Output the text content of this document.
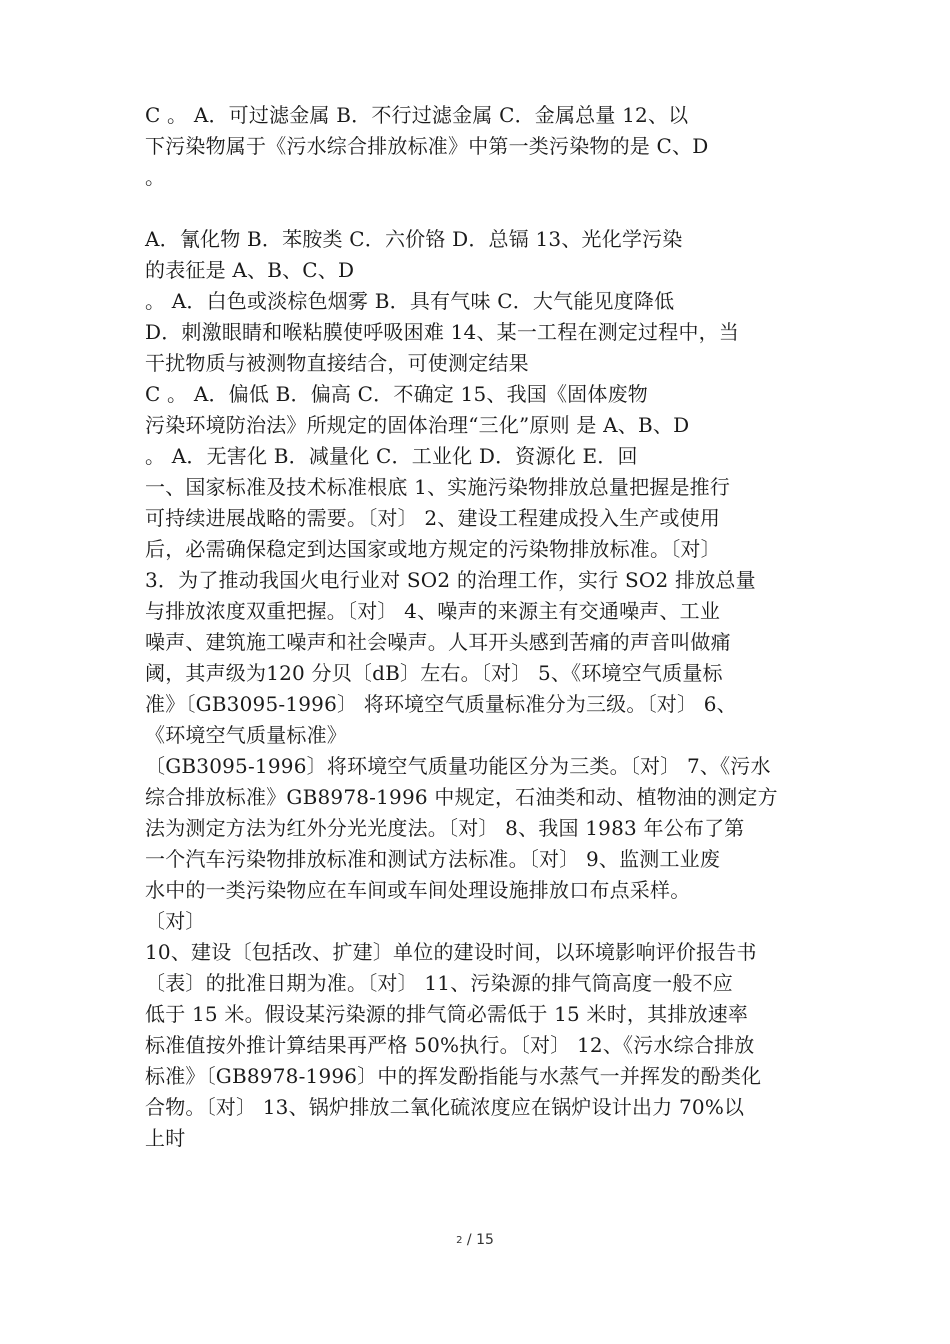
C 。 A．可过滤金属 B．不行过滤金属 C．金属总量 12、以
下污染物属于《污水综合排放标准》中第一类污染物的是 C、D
。
A．氰化物 B．苯胺类 C．六价铬 D．总镉 13、光化学污染
的表征是 A、B、C、D
。 A．白色或淡棕色烟雾 B．具有气味 C．大气能见度降低
D．刺激眼睛和喉粘膜使呼吸困难 14、某一工程在测定过程中，当
干扰物质与被测物直接结合，可使测定结果
C 。 A．偏低 B．偏高 C．不确定 15、我国《固体废物
污染环境防治法》所规定的固体治理“三化”原则 是 A、B、D
。 A．无害化 B．减量化 C．工业化 D．资源化 E．回
一、国家标准及技术标准根底 1、实施污染物排放总量把握是推行
可持续进展战略的需要。〔对〕 2、建设工程建成投入生产或使用
后，必需确保稳定到达国家或地方规定的污染物排放标准。〔对〕
3．为了推动我国火电行业对 SO2 的治理工作，实行 SO2 排放总量
与排放浓度双重把握。〔对〕 4、噪声的来源主有交通噪声、工业
噪声、建筑施工噪声和社会噪声。人耳开头感到苦痛的声音叫做痛
阈，其声级为120 分贝〔dB〕左右。〔对〕 5、《环境空气质量标
准》〔GB3095-1996〕 将环境空气质量标准分为三级。〔对〕 6、
《环境空气质量标准》
〔GB3095-1996〕将环境空气质量功能区分为三类。〔对〕 7、《污水
综合排放标准》GB8978-1996 中规定，石油类和动、植物油的测定方
法为测定方法为红外分光光度法。〔对〕 8、我国 1983 年公布了第
一个汽车污染物排放标准和测试方法标准。〔对〕 9、监测工业废
水中的一类污染物应在车间或车间处理设施排放口布点采样。
〔对〕
10、建设〔包括改、扩建〕单位的建设时间，以环境影响评价报告书
〔表〕的批准日期为准。〔对〕 11、污染源的排气筒高度一般不应
低于 15 米。假设某污染源的排气筒必需低于 15 米时，其排放速率
标准值按外推计算结果再严格 50%执行。〔对〕 12、《污水综合排放
标准》〔GB8978-1996〕中的挥发酚指能与水蒸气一并挥发的酚类化
合物。〔对〕 13、锅炉排放二氧化硫浓度应在锅炉设计出力 70%以
上时
2 / 15
